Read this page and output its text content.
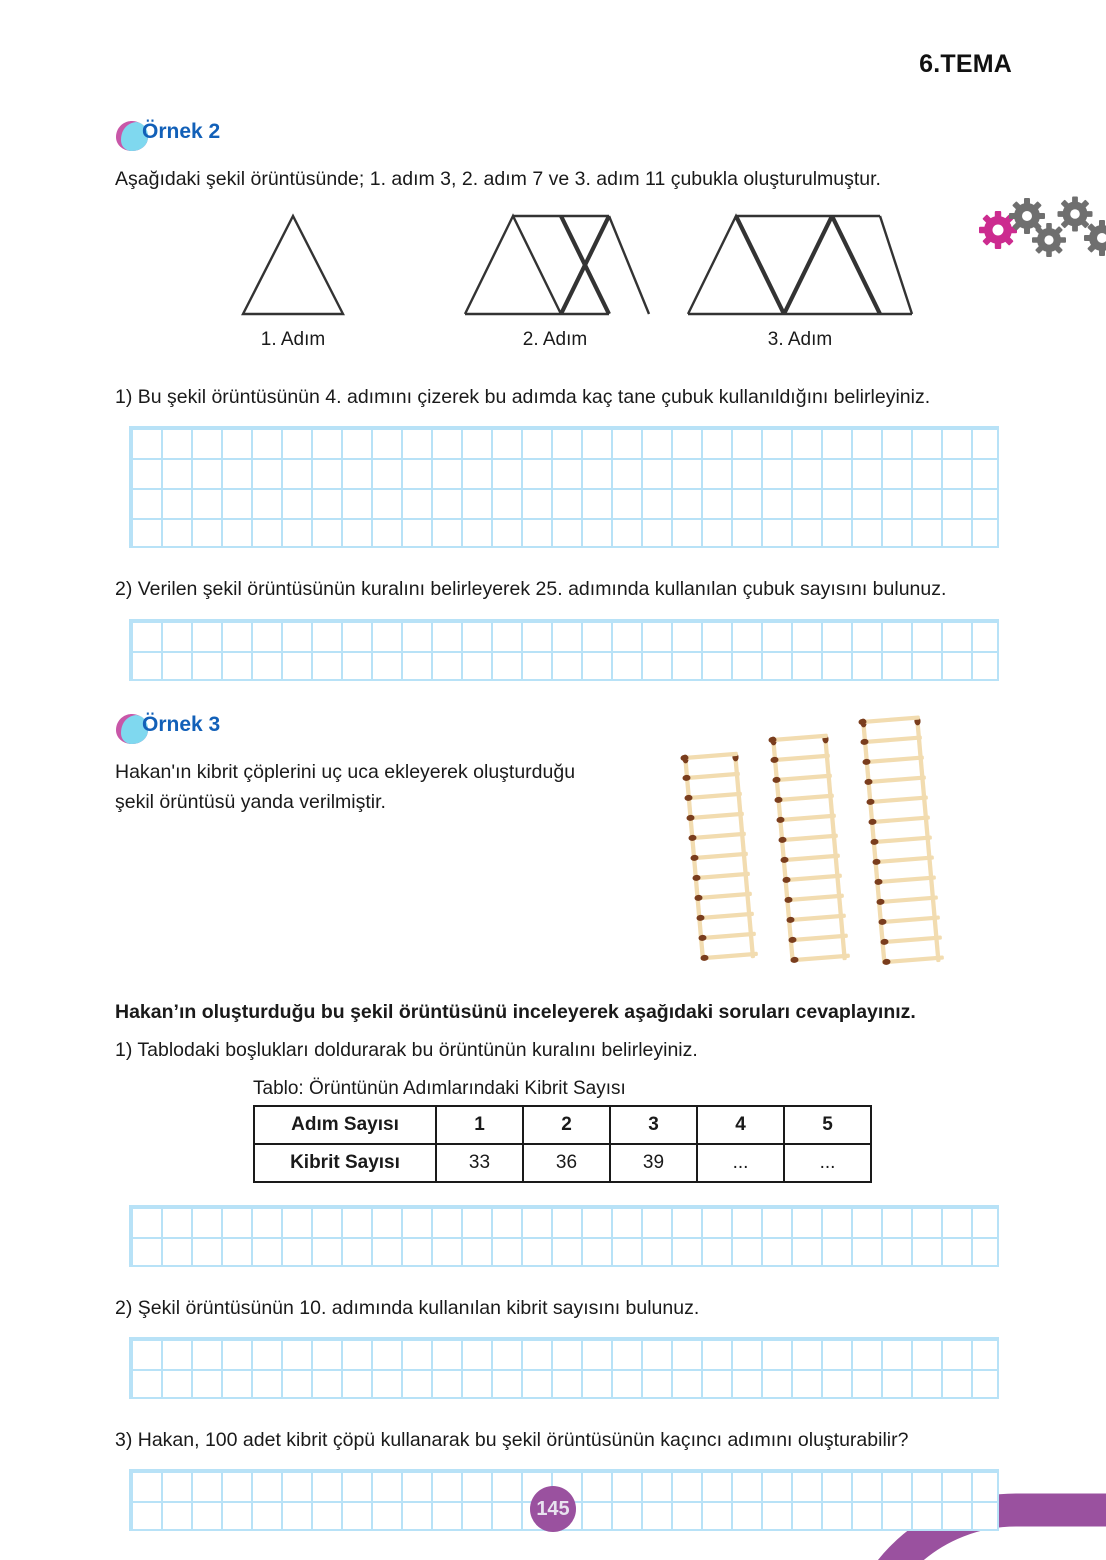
6.TEMA
Örnek 2

Aşağıdaki şekil örüntüsünde; 1. adım 3, 2. adım 7 ve 3. adım 11 çubukla oluşturulmuştur.

1. Adım	2. Adım	3. Adım

1) Bu şekil örüntüsünün 4. adımını çizerek bu adımda kaç tane çubuk kullanıldığını belirleyiniz.

2) Verilen şekil örüntüsünün kuralını belirleyerek 25. adımında kullanılan çubuk sayısını bulunuz.

Örnek 3

Hakan'ın kibrit çöplerini uç uca ekleyerek oluşturduğu

şekil örüntüsü yanda verilmiştir.

Hakan’ın oluşturduğu bu şekil örüntüsünü inceleyerek aşağıdaki soruları cevaplayınız.

1) Tablodaki boşlukları doldurarak bu örüntünün kuralını belirleyiniz.

Tablo: Örüntünün Adımlarındaki Kibrit Sayısı
Adım Sayısı	1	2	3	4	5
Kibrit Sayısı	33	36	39	...	...

2) Şekil örüntüsünün 10. adımında kullanılan kibrit sayısını bulunuz.

3) Hakan, 100 adet kibrit çöpü kullanarak bu şekil örüntüsünün kaçıncı adımını oluşturabilir?

145
